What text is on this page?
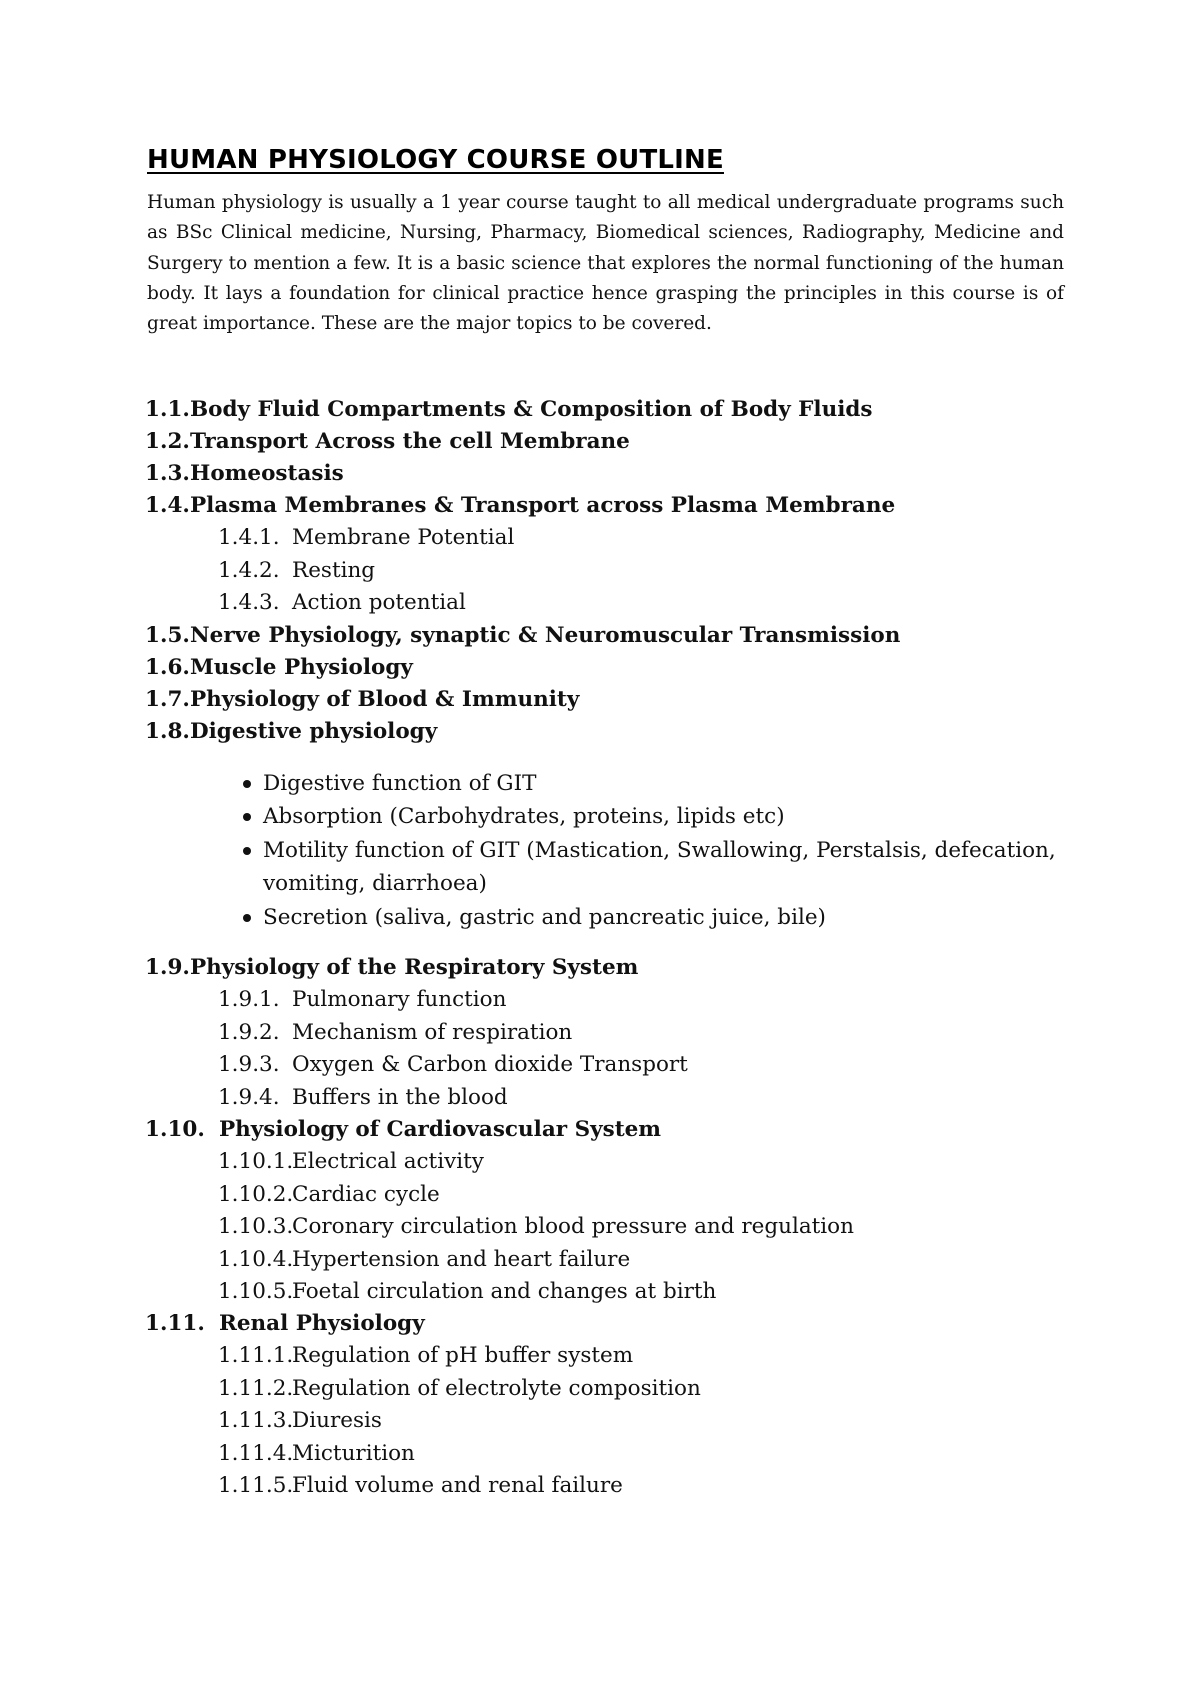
HUMAN PHYSIOLOGY COURSE OUTLINE

Human physiology is usually a 1 year course taught to all medical undergraduate programs such as BSc Clinical medicine, Nursing, Pharmacy, Biomedical sciences, Radiography, Medicine and Surgery to mention a few. It is a basic science that explores the normal functioning of the human body. It lays a foundation for clinical practice hence grasping the principles in this course is of great importance. These are the major topics to be covered.

1.1. Body Fluid Compartments & Composition of Body Fluids
1.2. Transport Across the cell Membrane
1.3. Homeostasis
1.4. Plasma Membranes & Transport across Plasma Membrane
1.4.1. Membrane Potential
1.4.2. Resting
1.4.3. Action potential
1.5. Nerve Physiology, synaptic & Neuromuscular Transmission
1.6. Muscle Physiology
1.7. Physiology of Blood & Immunity
1.8. Digestive physiology
Digestive function of GIT
Absorption (Carbohydrates, proteins, lipids etc)
Motility function of GIT (Mastication, Swallowing, Perstalsis, defecation, vomiting, diarrhoea)
Secretion (saliva, gastric and pancreatic juice, bile)
1.9. Physiology of the Respiratory System
1.9.1. Pulmonary function
1.9.2. Mechanism of respiration
1.9.3. Oxygen & Carbon dioxide Transport
1.9.4. Buffers in the blood
1.10. Physiology of Cardiovascular System
1.10.1.
Electrical activity
1.10.2.
Cardiac cycle
1.10.3.
Coronary circulation blood pressure and regulation
1.10.4.
Hypertension and heart failure
1.10.5.
Foetal circulation and changes at birth
1.11. Renal Physiology
1.11.1.
Regulation of pH buffer system
1.11.2.
Regulation of electrolyte composition
1.11.3.
Diuresis
1.11.4.
Micturition
1.11.5.
Fluid volume and renal failure
